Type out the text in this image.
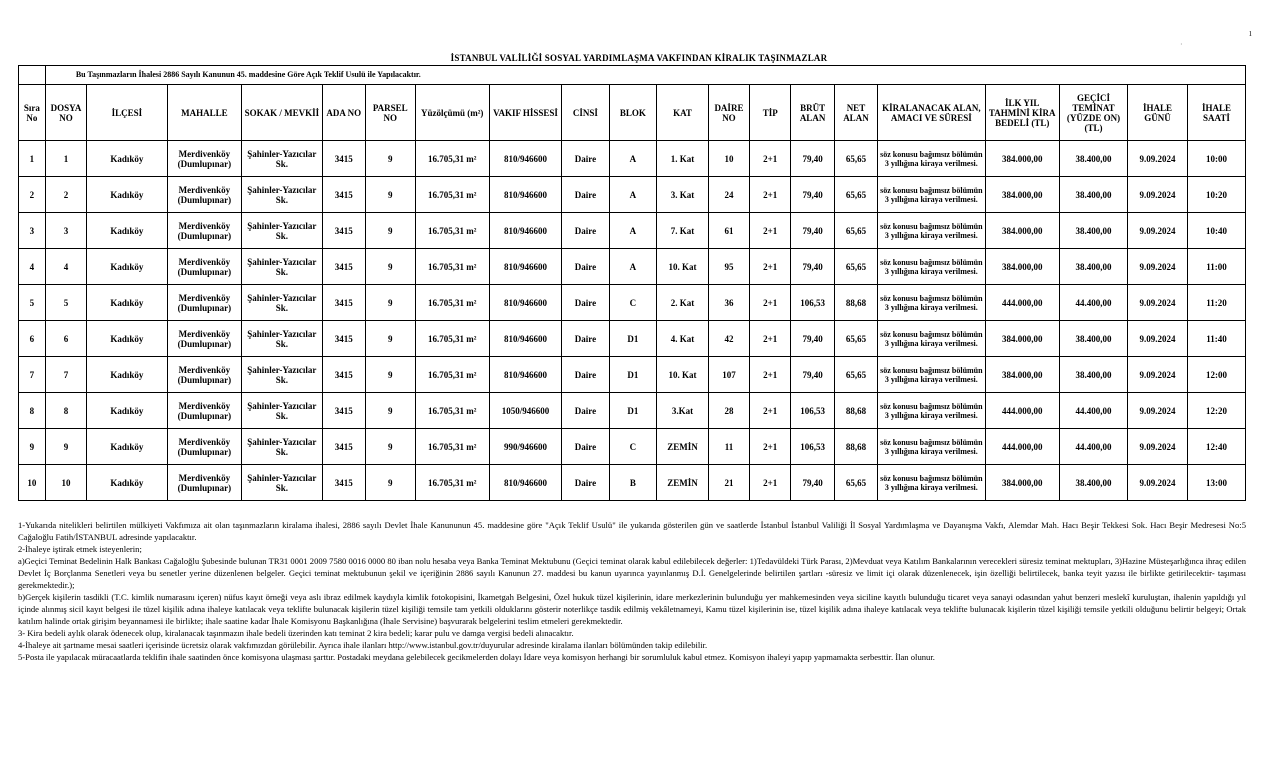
·
ı
İSTANBUL VALİLİĞİ SOSYAL YARDIMLAŞMA VAKFINDAN KİRALIK TAŞINMAZLAR
	Bu Taşınmazların İhalesi 2886 Sayılı Kanunun 45. maddesine Göre Açık Teklif Usulü ile Yapılacaktır.																			
Sıra No	DOSYA NO	İLÇESİ	MAHALLE	SOKAK / MEVKİİ	ADA NO	PARSEL NO	Yüzölçümü (m²)	VAKIF HİSSESİ	CİNSİ	BLOK	KAT	DAİRE NO	TİP	BRÜT ALAN	NET ALAN	KİRALANACAK ALAN, AMACI VE SÜRESİ	İLK YIL TAHMİNİ KİRA BEDELİ (TL)	GEÇİCİ TEMİNAT (YÜZDE ON) (TL)	İHALE GÜNÜ	İHALE SAATİ
1	1	Kadıköy	Merdivenköy (Dumlupınar)	Şahinler-Yazıcılar Sk.	3415	9	16.705,31 m²	810/946600	Daire	A	1. Kat	10	2+1	79,40	65,65	söz konusu bağımsız bölümün 3 yıllığına kiraya verilmesi.	384.000,00	38.400,00	9.09.2024	10:00
2	2	Kadıköy	Merdivenköy (Dumlupınar)	Şahinler-Yazıcılar Sk.	3415	9	16.705,31 m²	810/946600	Daire	A	3. Kat	24	2+1	79,40	65,65	söz konusu bağımsız bölümün 3 yıllığına kiraya verilmesi.	384.000,00	38.400,00	9.09.2024	10:20
3	3	Kadıköy	Merdivenköy (Dumlupınar)	Şahinler-Yazıcılar Sk.	3415	9	16.705,31 m²	810/946600	Daire	A	7. Kat	61	2+1	79,40	65,65	söz konusu bağımsız bölümün 3 yıllığına kiraya verilmesi.	384.000,00	38.400,00	9.09.2024	10:40
4	4	Kadıköy	Merdivenköy (Dumlupınar)	Şahinler-Yazıcılar Sk.	3415	9	16.705,31 m²	810/946600	Daire	A	10. Kat	95	2+1	79,40	65,65	söz konusu bağımsız bölümün 3 yıllığına kiraya verilmesi.	384.000,00	38.400,00	9.09.2024	11:00
5	5	Kadıköy	Merdivenköy (Dumlupınar)	Şahinler-Yazıcılar Sk.	3415	9	16.705,31 m²	810/946600	Daire	C	2. Kat	36	2+1	106,53	88,68	söz konusu bağımsız bölümün 3 yıllığına kiraya verilmesi.	444.000,00	44.400,00	9.09.2024	11:20
6	6	Kadıköy	Merdivenköy (Dumlupınar)	Şahinler-Yazıcılar Sk.	3415	9	16.705,31 m²	810/946600	Daire	D1	4. Kat	42	2+1	79,40	65,65	söz konusu bağımsız bölümün 3 yıllığına kiraya verilmesi.	384.000,00	38.400,00	9.09.2024	11:40
7	7	Kadıköy	Merdivenköy (Dumlupınar)	Şahinler-Yazıcılar Sk.	3415	9	16.705,31 m²	810/946600	Daire	D1	10. Kat	107	2+1	79,40	65,65	söz konusu bağımsız bölümün 3 yıllığına kiraya verilmesi.	384.000,00	38.400,00	9.09.2024	12:00
8	8	Kadıköy	Merdivenköy (Dumlupınar)	Şahinler-Yazıcılar Sk.	3415	9	16.705,31 m²	1050/946600	Daire	D1	3.Kat	28	2+1	106,53	88,68	söz konusu bağımsız bölümün 3 yıllığına kiraya verilmesi.	444.000,00	44.400,00	9.09.2024	12:20
9	9	Kadıköy	Merdivenköy (Dumlupınar)	Şahinler-Yazıcılar Sk.	3415	9	16.705,31 m²	990/946600	Daire	C	ZEMİN	11	2+1	106,53	88,68	söz konusu bağımsız bölümün 3 yıllığına kiraya verilmesi.	444.000,00	44.400,00	9.09.2024	12:40
10	10	Kadıköy	Merdivenköy (Dumlupınar)	Şahinler-Yazıcılar Sk.	3415	9	16.705,31 m²	810/946600	Daire	B	ZEMİN	21	2+1	79,40	65,65	söz konusu bağımsız bölümün 3 yıllığına kiraya verilmesi.	384.000,00	38.400,00	9.09.2024	13:00

1-Yukarıda nitelikleri belirtilen mülkiyeti Vakfımıza ait olan taşınmazların kiralama ihalesi, 2886 sayılı Devlet İhale Kanununun 45. maddesine göre "Açık Teklif Usulü" ile yukarıda gösterilen gün ve saatlerde İstanbul İstanbul Valiliği İl Sosyal Yardımlaşma ve Dayanışma Vakfı, Alemdar Mah. Hacı Beşir Tekkesi Sok. Hacı Beşir Medresesi No:5 Cağaloğlu Fatih/İSTANBUL adresinde yapılacaktır.

2-İhaleye iştirak etmek isteyenlerin;

a)Geçici Teminat Bedelinin Halk Bankası Cağaloğlu Şubesinde bulunan TR31 0001 2009 7580 0016 0000 80 iban nolu hesaba veya Banka Teminat Mektubunu (Geçici teminat olarak kabul edilebilecek değerler: 1)Tedavüldeki Türk Parası, 2)Mevduat veya Katılım Bankalarının verecekleri süresiz teminat mektupları, 3)Hazine Müsteşarlığınca ihraç edilen Devlet İç Borçlanma Senetleri veya bu senetler yerine düzenlenen belgeler. Geçici teminat mektubunun şekil ve içeriğinin 2886 sayılı Kanunun 27. maddesi bu kanun uyarınca yayınlanmış D.İ. Genelgelerinde belirtilen şartları -süresiz ve limit içi olarak düzenlenecek, işin özelliği belirtilecek, banka teyit yazısı ile birlikte getirilecektir- taşıması gerekmektedir.);

b)Gerçek kişilerin tasdikli (T.C. kimlik numarasını içeren) nüfus kayıt örneği veya aslı ibraz edilmek kaydıyla kimlik fotokopisini, İkametgah Belgesini, Özel hukuk tüzel kişilerinin, idare merkezlerinin bulunduğu yer mahkemesinden veya siciline kayıtlı bulunduğu ticaret veya sanayi odasından yahut benzeri meslekî kuruluştan, ihalenin yapıldığı yıl içinde alınmış sicil kayıt belgesi ile tüzel kişilik adına ihaleye katılacak veya teklifte bulunacak kişilerin tüzel kişiliği temsile tam yetkili olduklarını gösterir noterlikçe tasdik edilmiş vekâletnameyi, Kamu tüzel kişilerinin ise, tüzel kişilik adına ihaleye katılacak veya teklifte bulunacak kişilerin tüzel kişiliği temsile yetkili olduğunu belirtir belgeyi; Ortak katılım halinde ortak girişim beyannamesi ile birlikte; ihale saatine kadar İhale Komisyonu Başkanlığına (İhale Servisine) başvurarak belgelerini teslim etmeleri gerekmektedir.

3- Kira bedeli aylık olarak ödenecek olup, kiralanacak taşınmazın ihale bedeli üzerinden katı teminat 2 kira bedeli; karar pulu ve damga vergisi bedeli alınacaktır.

4-İhaleye ait şartname mesai saatleri içerisinde ücretsiz olarak vakfımızdan görülebilir. Ayrıca ihale ilanları http://www.istanbul.gov.tr/duyurular adresinde kiralama ilanları bölümünden takip edilebilir.

5-Posta ile yapılacak müracaatlarda teklifin ihale saatinden önce komisyona ulaşması şarttır. Postadaki meydana gelebilecek gecikmelerden dolayı İdare veya komisyon herhangi bir sorumluluk kabul etmez. Komisyon ihaleyi yapıp yapmamakta serbesttir. İlan olunur.
